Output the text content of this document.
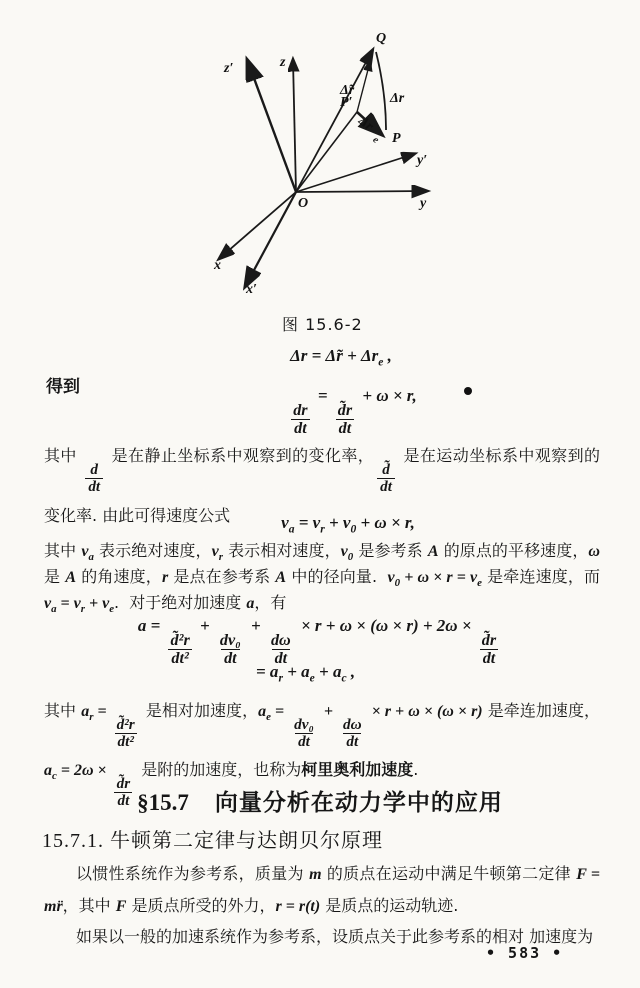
z
z′
y
y′
x
x′
O
Q
P
P′
Δ̃r
Δr
Δr
e
图 15.6-2
Δr = Δ̃r + $\Delta r_e$ ,
得到
$\frac{dr}{dt}$
=
$\frac{d̃r}{dt}$
+ ω × r,
其中
$\frac{d}{dt}$
是在静止坐标系中观察到的变化率，
$\frac{d̃}{dt}$
是在运动坐标系中观察到的 变化率. 由此可得速度公式	$v_a = v_r + v_0 + \omega \times r$,
其中 $v_a$ 表示绝对速度，$v_r$ 表示相对速度，$v_0$ 是参考系 A 的原点的平移速度，ω 是 A 的角速度，r 是点在参考系 A 中的径向量.  $v_0 + \omega \times r = v_e$ 是牵连速度，而 $v_a = v_r + v_e$.  对于绝对加速度 a，有
a =
$\frac{\text{d̃²r}}{\text{dt²}}$
+
$\frac{\text{dv₀}}{dt}$
+
$\frac{d\omega}{dt}$
× r + ω × (ω × r) + 2ω ×
$\frac{d̃r}{dt}$
= $a_r + a_e + a_c$ ,
其中 $a_r$ =
$\frac{\text{d̃²r}}{\text{dt²}}$
是相对加速度，$a_e$ =
$\frac{\text{dv₀}}{dt}$
+
$\frac{d\omega}{dt}$
× r + ω × (ω × r) 是牵连加速度， $a_c = 2\omega$ ×
$\frac{d̃r}{dt}$
是附的加速度，也称为柯里奥利加速度.
§15.7 向量分析在动力学中的应用
15.7.1. 牛顿第二定律与达朗贝尔原理
以惯性系统作为参考系，质量为 m 的质点在运动中满足牛顿第二定律 F = mr̈，其中 F 是质点所受的外力，r = r(t) 是质点的运动轨迹.
如果以一般的加速系统作为参考系，设质点关于此参考系的相对 加速度为
• 583 •
